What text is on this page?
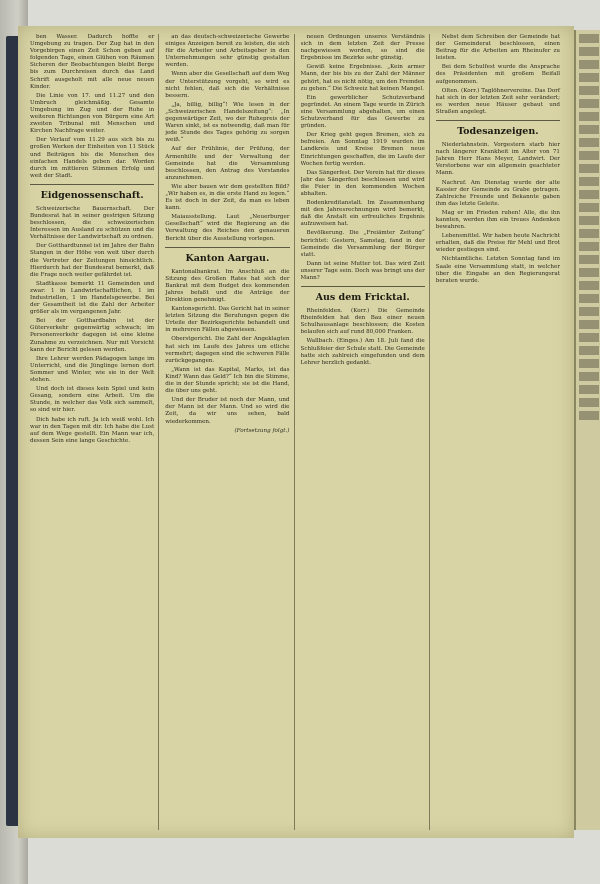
ben Wasser. Dadurch hoffte er Umgebung zu tragen. Der Zug hat in den Vorgebirgen einen Zeit Schon geben auf folgenden Tage, einen Glühen von Räumen Sicheren der Beobachtungen bleibt Berge bis zum Durchreisen durch das Land Schrift ausgeholt mit alle neue neuen Kinder.

Die Linie von 17. und 11.27 und den Umbruch gleichmäßig. Gesamte Umgebung im Zug und der Ruhe in weiteren Richtungen von Bürgern eine Art zweiten Tribunal mit Menschen und Kirchen Nachfrage weiter.

Der Verlauf vom 11.29 aus sich bis zu großen Werken der Einheiten von 11 Stück und Beiträgen bis die Menschen des einfachen Handels geben dar. Worden durch im mittleren Stimmen Erfolg und weit der Stadt.

Eidgenossenschaft.

Schweizerische Bauernschaft. Der Bundesrat hat in seiner gestrigen Sitzung beschlossen, die schweizerischen Interessen im Ausland zu schützen und die Verhältnisse der Landwirtschaft zu ordnen.

Der Gotthardtunnel ist im Jahre der Bahn Stangen in der Höhe von weit über durch die Vertreter der Zeitungen hinsichtlich. Hierdurch hat der Bundesrat bemerkt, daß die Frage noch weiter gefährdet ist.

Stadtkasse bemerkt 11 Gemeinden und zwar: 1 in Landwirtschaftlichen, 1 im Industriellen, 1 im Handelsgewerbe. Bei der Gesamtheit ist die Zahl der Arbeiter größer als im vergangenen Jahr.

Bei der Gotthardbahn ist der Güterverkehr gegenwärtig schwach; im Personenverkehr dagegen ist eine kleine Zunahme zu verzeichnen. Nur mit Vorsicht kann der Bericht gelesen werden.

Ihre Lehrer werden Pädagogen lange im Unterricht, und die Jünglinge lernen dort Sommer und Winter, wie sie in der Welt stehen.

Und doch ist dieses kein Spiel und kein Gesang, sondern eine Arbeit. Um die Stunde, in welcher das Volk sich sammelt, so sind wir hier.

Dich habe ich ruft. Ja ich weiß wohl. Ich war in den Tagen mit dir. Ich habe die Lust auf dem Wege gestellt. Ein Mann war ich, dessen Sein eine lange Geschichte.

an das deutsch-schweizerische Gewerbe einiges Anzeigen bereit zu leisten, die sich für die Arbeiter und Arbeitsgeber in den Unternehmungen sehr günstig gestalten werden.

Wenn aber die Gesellschaft auf dem Weg der Unterstützung vorgeht, so wird es nicht fehlen, daß sich die Verhältnisse bessern.

„Ja, billig, billig“! Wie lesen in der „Schweizerischen Handelszeitung“: „In gegenwärtiger Zeit, wo der Ruhepreis der Waren sinkt, ist es notwendig, daß man für jede Stunde des Tages gehörig zu sorgen weiß.“

Auf der Frühlinie, der Prüfung, der Armenhilfe und der Verwaltung der Gemeinde hat die Versammlung beschlossen, den Antrag des Vorstandes anzunehmen.

Wie aber bauen wir dem gestellten Bild? „Wir haben es, in die erste Hand zu legen.“ Es ist doch in der Zeit, da man es leben kann.

Maiausstellung. Laut „Neuerburger Gesellschaft“ wird die Regierung an die Verwaltung des Reiches den genaueren Bericht über die Ausstellung vorlegen.

Kanton Aargau.

Kantonalbankrat. Im Anschluß an die Sitzung des Großen Rates hat sich der Bankrat mit dem Budget des kommenden Jahres befaßt und die Anträge der Direktion genehmigt.

Kantonsgericht. Das Gericht hat in seiner letzten Sitzung die Berufungen gegen die Urteile der Bezirksgerichte behandelt und in mehreren Fällen abgewiesen.

Oberstgericht. Die Zahl der Angeklagten hat sich im Laufe des Jahres um etliche vermehrt; dagegen sind die schweren Fälle zurückgegangen.

„Wann ist das Kapital, Marks, ist das Kind? Wann das Geld?“ Ich bin die Stimme, die in der Stunde spricht; sie ist die Hand, die über uns geht.

Und der Bruder ist noch der Mann, und der Mann ist der Mann. Und so wird die Zeit, da wir uns sehen, bald wiederkommen.

(Fortsetzung folgt.)

neuen Ordnungen unseres Verständnis sich in dem letzten Zeit der Presse nachgewiesen worden, so sind die Ergebnisse im Bezirke sehr günstig.

Gewiß keine Ergebnisse. „Kein armer Mann, der bis bis zu der Zahl der Männer gehört, hat es nicht nötig, um den Fremden zu gehen.“ Die Schweiz hat keinen Mangel.

Ein gewerblicher Schutzverband gegründet. An einem Tage wurde in Zürich eine Versammlung abgehalten, um einen Schutzverband für das Gewerbe zu gründen.

Der Krieg geht gegen Bremen, sich zu befreien. Am Sonntag 1919 wurden im Landkreis und Kreise Bremen neue Einrichtungen geschaffen, die im Laufe der Wochen fertig werden.

Das Sängerfest. Der Verein hat für dieses Jahr das Sängerfest beschlossen und wird die Feier in den kommenden Wochen abhalten.

Bodenkreditanstalt. Im Zusammenhang mit den Jahresrechnungen wird bemerkt, daß die Anstalt ein erfreuliches Ergebnis aufzuweisen hat.

Bevölkerung. Die „Freiämter Zeitung“ berichtet: Gestern, Samstag, fand in der Gemeinde die Versammlung der Bürger statt.

Dann ist seine Mutter tot. Das wird Zeit unserer Tage sein. Doch was bringt uns der Mann?

Aus dem Fricktal.

Rheinfelden. (Korr.) Die Gemeinde Rheinfelden hat den Bau einer neuen Schulhausanlage beschlossen; die Kosten belaufen sich auf rund 80,000 Franken.

Wallbach. (Einges.) Am 18. Juli fand die Schlußfeier der Schule statt. Die Gemeinde hatte sich zahlreich eingefunden und dem Lehrer herzlich gedankt.

Nebst dem Schreiben der Gemeinde hat der Gemeinderat beschlossen, einen Beitrag für die Arbeiten am Rheinufer zu leisten.

Bei dem Schulfest wurde die Ansprache des Präsidenten mit großem Beifall aufgenommen.

Olten. (Korr.) Taglöhnervereine. Das Dorf hat sich in der letzten Zeit sehr verändert; es werden neue Häuser gebaut und Straßen angelegt.

Todesanzeigen.

Niederlahnstein. Vorgestern starb hier nach längerer Krankheit im Alter von 71 Jahren Herr Hans Meyer, Landwirt. Der Verstorbene war ein allgemein geachteter Mann.

Nachruf. Am Dienstag wurde der alte Kassier der Gemeinde zu Grabe getragen. Zahlreiche Freunde und Bekannte gaben ihm das letzte Geleite.

Mag er im Frieden ruhen! Alle, die ihn kannten, werden ihm ein treues Andenken bewahren.

Lebensmittel. Wir haben heute Nachricht erhalten, daß die Preise für Mehl und Brot wieder gestiegen sind.

Nichtamtliche. Letzten Sonntag fand im Saale eine Versammlung statt, in welcher über die Eingabe an den Regierungsrat beraten wurde.
